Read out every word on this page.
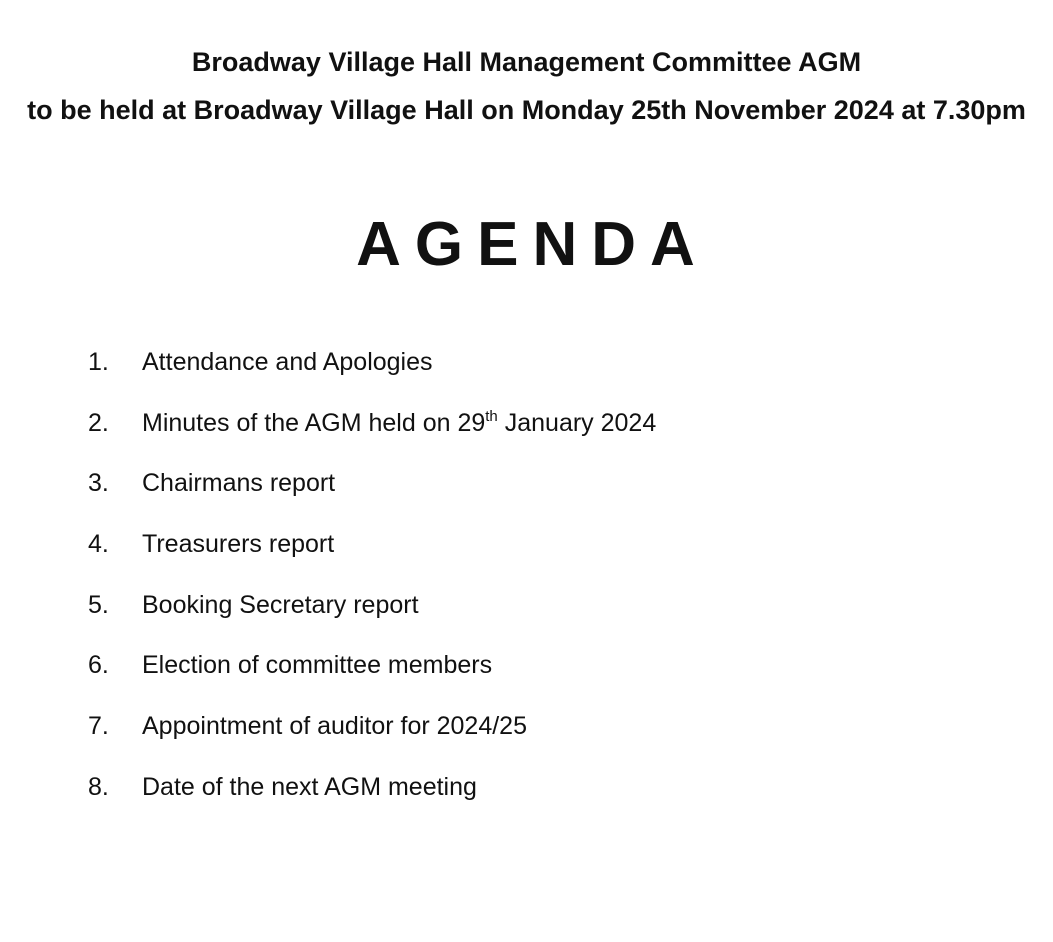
Broadway Village Hall Management Committee AGM
to be held at Broadway Village Hall on Monday 25th November 2024 at 7.30pm
AGENDA
1.	Attendance and Apologies
2.	Minutes of the AGM held on 29th January 2024
3.	Chairmans report
4.	Treasurers report
5.	Booking Secretary report
6.	Election of committee members
7.	Appointment of auditor for 2024/25
8.	Date of the next AGM meeting
